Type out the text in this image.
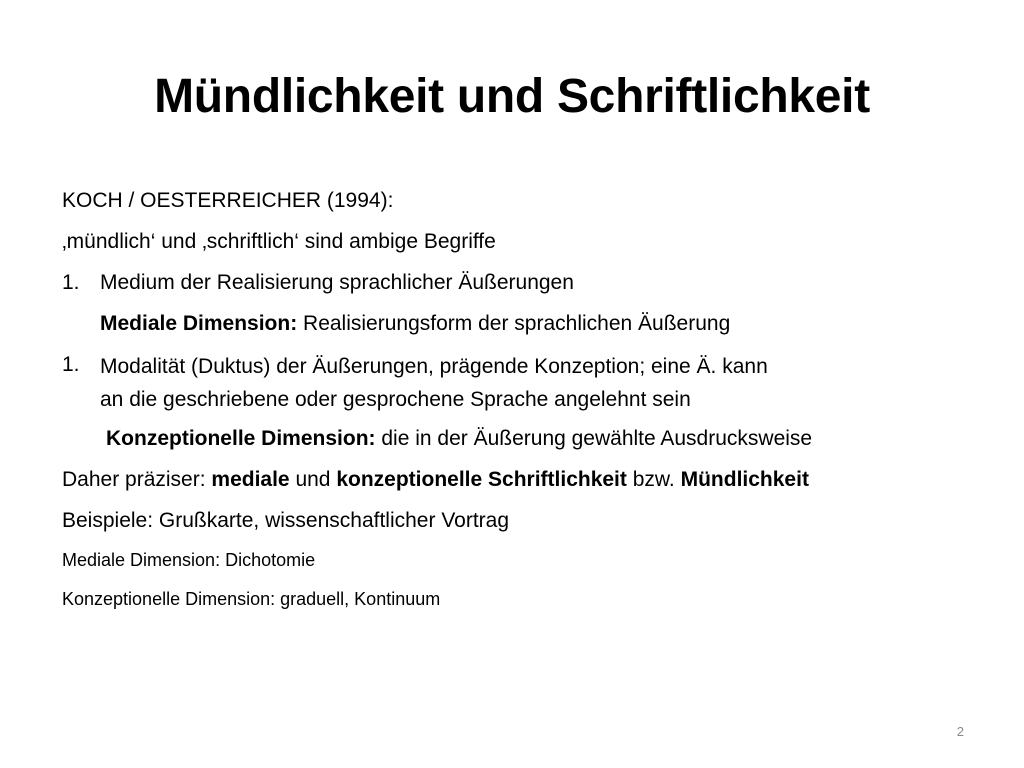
Mündlichkeit und Schriftlichkeit
KOCH / OESTERREICHER (1994):
‚mündlich‘ und ‚schriftlich‘ sind ambige Begriffe
1. Medium der Realisierung sprachlicher Äußerungen
Mediale Dimension: Realisierungsform der sprachlichen Äußerung
1. Modalität (Duktus) der Äußerungen, prägende Konzeption; eine Ä. kann
an die geschriebene oder gesprochene Sprache angelehnt sein
Konzeptionelle Dimension: die in der Äußerung gewählte Ausdrucksweise
Daher präziser: mediale und konzeptionelle Schriftlichkeit bzw. Mündlichkeit
Beispiele: Grußkarte, wissenschaftlicher Vortrag
Mediale Dimension: Dichotomie
Konzeptionelle Dimension: graduell, Kontinuum
2
